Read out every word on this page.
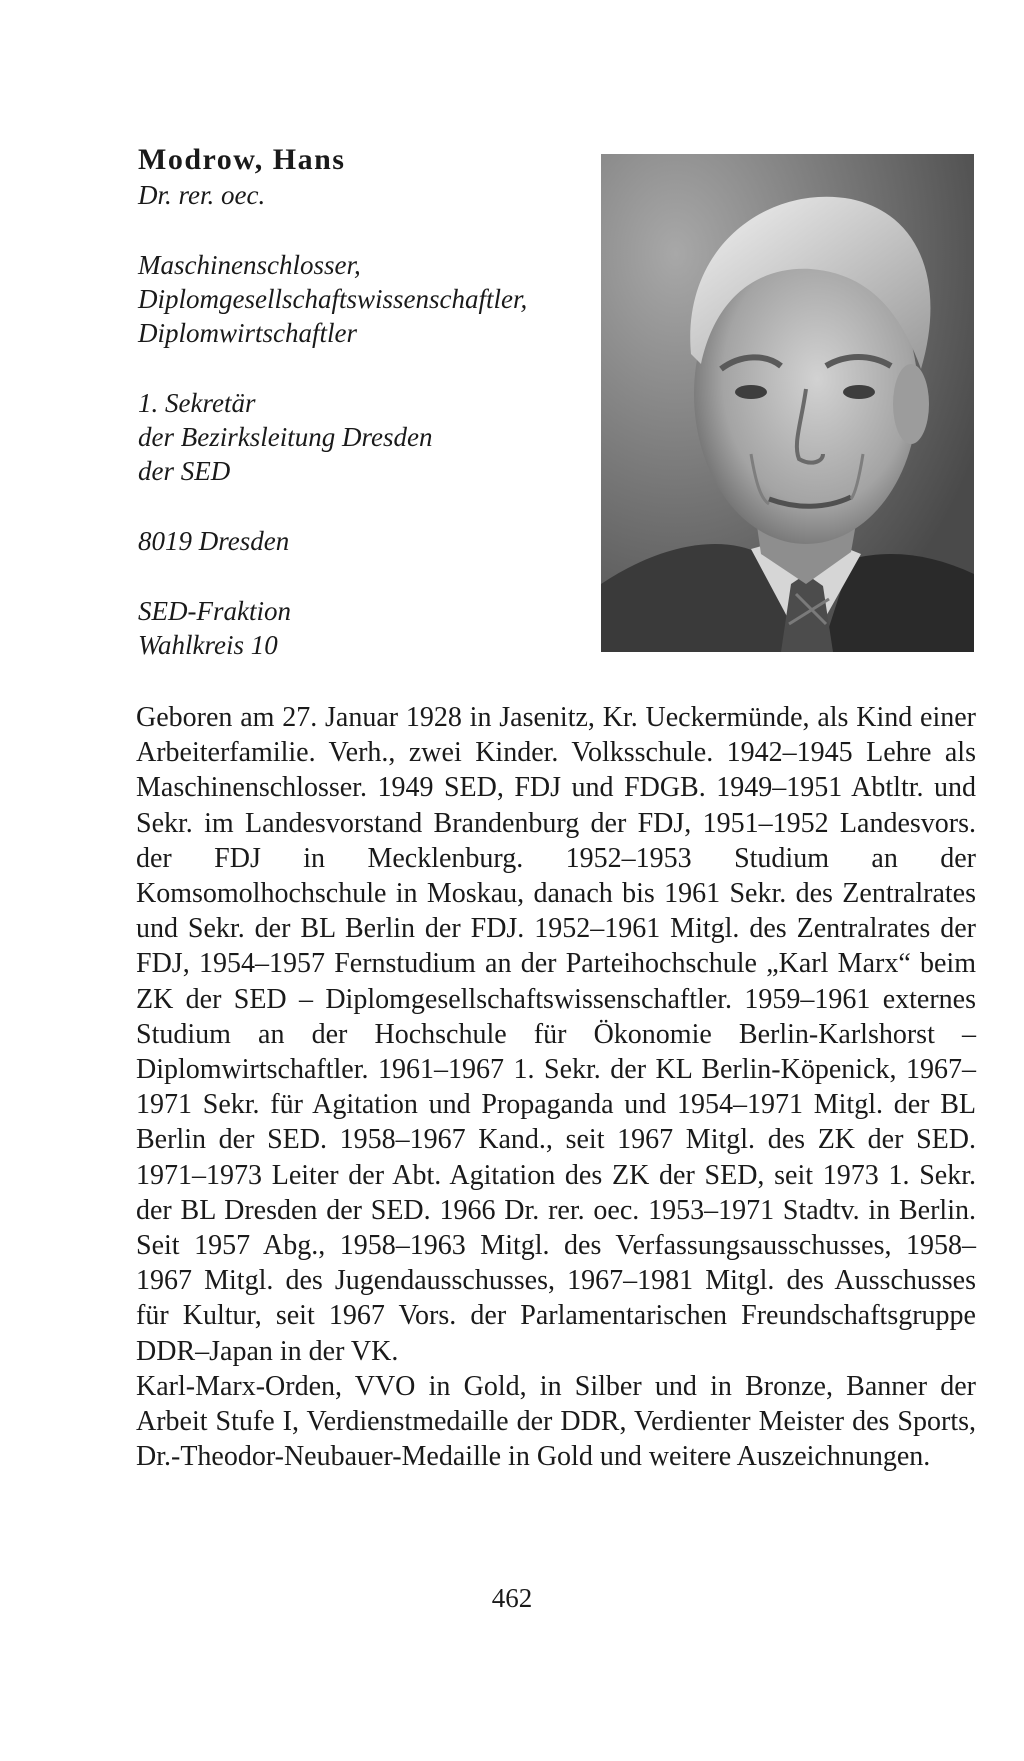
Modrow, Hans
Dr. rer. oec.
Maschinenschlosser,
Diplomgesellschaftswissenschaftler,
Diplomwirtschaftler
1. Sekretär
der Bezirksleitung Dresden
der SED
8019 Dresden
SED-Fraktion
Wahlkreis 10

Geboren am 27. Januar 1928 in Jasenitz, Kr. Ueckermünde, als Kind einer Arbeiterfamilie. Verh., zwei Kinder. Volksschule. 1942–1945 Lehre als Maschinenschlosser. 1949 SED, FDJ und FDGB. 1949–1951 Abtltr. und Sekr. im Landesvorstand Brandenburg der FDJ, 1951–1952 Landesvors. der FDJ in Mecklenburg. 1952–1953 Studium an der Komsomolhochschule in Moskau, danach bis 1961 Sekr. des Zentralrates und Sekr. der BL Berlin der FDJ. 1952–1961 Mitgl. des Zentralrates der FDJ, 1954–1957 Fernstudium an der Parteihochschule „Karl Marx“ beim ZK der SED – Diplomgesellschaftswissenschaftler. 1959–1961 externes Studium an der Hochschule für Ökonomie Berlin-Karlshorst – Diplomwirtschaftler. 1961–1967 1. Sekr. der KL Berlin-Köpenick, 1967–1971 Sekr. für Agitation und Propaganda und 1954–1971 Mitgl. der BL Berlin der SED. 1958–1967 Kand., seit 1967 Mitgl. des ZK der SED. 1971–1973 Leiter der Abt. Agitation des ZK der SED, seit 1973 1. Sekr. der BL Dresden der SED. 1966 Dr. rer. oec. 1953–1971 Stadtv. in Berlin. Seit 1957 Abg., 1958–1963 Mitgl. des Verfassungsausschusses, 1958–1967 Mitgl. des Jugendausschusses, 1967–1981 Mitgl. des Ausschusses für Kultur, seit 1967 Vors. der Parlamentarischen Freundschaftsgruppe DDR–Japan in der VK.

Karl-Marx-Orden, VVO in Gold, in Silber und in Bronze, Banner der Arbeit Stufe I, Verdienstmedaille der DDR, Verdienter Meister des Sports, Dr.-Theodor-Neubauer-Medaille in Gold und weitere Auszeichnungen.

462
